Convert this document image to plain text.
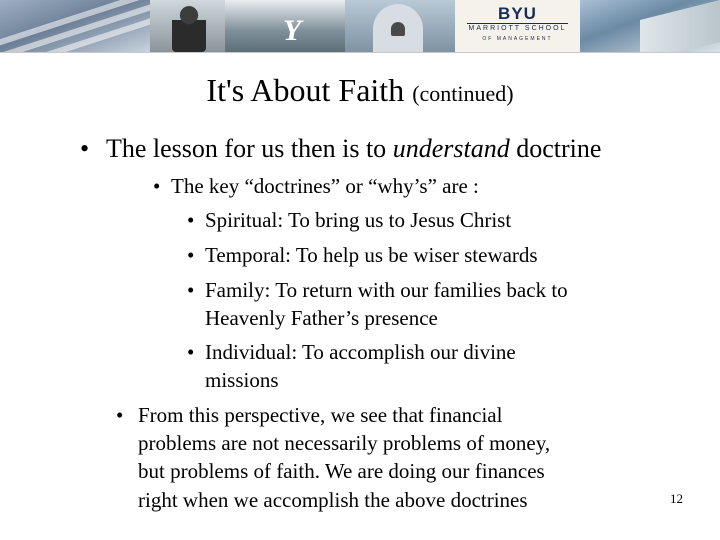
Y
BYU
MARRIOTT SCHOOL
OF MANAGEMENT
It's About Faith (continued)
• The lesson for us then is to understand doctrine
• The key “doctrines” or “why’s” are :
• Spiritual: To bring us to Jesus Christ
• Temporal: To help us be wiser stewards
• Family: To return with our families back to
Heavenly Father’s presence
• Individual: To accomplish our divine
missions
• From this perspective, we see that financial
problems are not necessarily problems of money,
but problems of faith. We are doing our finances
right when we accomplish the above doctrines	12
